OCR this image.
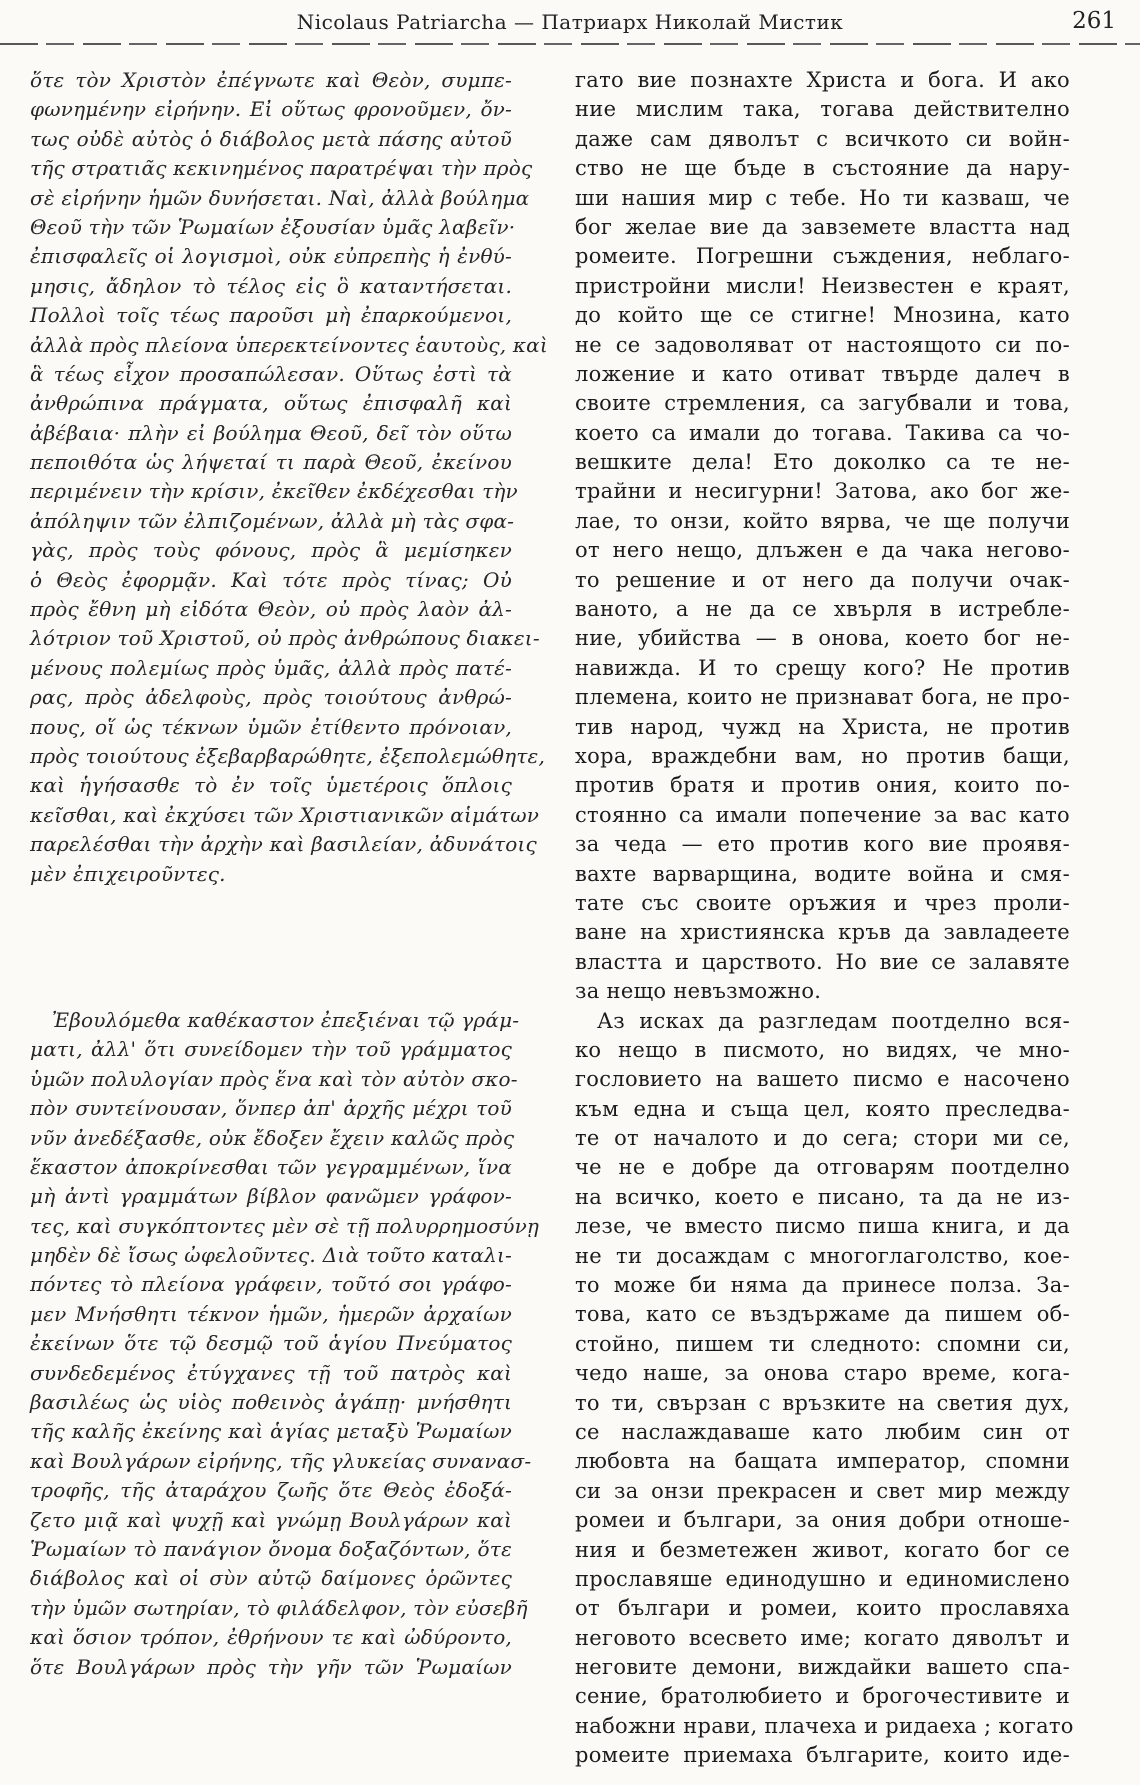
Nicolaus Patriarcha — Патриарх Николай Мистик	261
ὅτε τὸν Χριστὸν ἐπέγνωτε καὶ Θεὸν, συμπε-
φωνημένην εἰρήνην. Εἰ οὕτως φρονοῦμεν, ὄν-
τως οὐδὲ αὐτὸς ὁ διάβολος μετὰ πάσης αὐτοῦ
τῆς στρατιᾶς κεκινημένος παρατρέψαι τὴν πρὸς
σὲ εἰρήνην ἡμῶν δυνήσεται. Ναὶ, ἀλλὰ βούλημα
Θεοῦ τὴν τῶν Ῥωμαίων ἐξουσίαν ὑμᾶς λαβεῖν·
ἐπισφαλεῖς οἱ λογισμοὶ, οὐκ εὐπρεπὴς ἡ ἐνθύ-
μησις, ἄδηλον τὸ τέλος εἰς ὃ καταντήσεται.
Πολλοὶ τοῖς τέως παροῦσι μὴ ἐπαρκούμενοι,
ἀλλὰ πρὸς πλείονα ὑπερεκτείνοντες ἑαυτοὺς, καὶ
ἃ τέως εἶχον προσαπώλεσαν. Οὕτως ἐστὶ τὰ
ἀνθρώπινα πράγματα, οὕτως ἐπισφαλῆ καὶ
ἀβέβαια· πλὴν εἰ βούλημα Θεοῦ, δεῖ τὸν οὕτω
πεποιθότα ὡς λήψεταί τι παρὰ Θεοῦ, ἐκείνου
περιμένειν τὴν κρίσιν, ἐκεῖθεν ἐκδέχεσθαι τὴν
ἀπόληψιν τῶν ἐλπιζομένων, ἀλλὰ μὴ τὰς σφα-
γὰς, πρὸς τοὺς φόνους, πρὸς ἃ μεμίσηκεν
ὁ Θεὸς ἐφορμᾷν. Καὶ τότε πρὸς τίνας; Οὐ
πρὸς ἔθνη μὴ εἰδότα Θεὸν, οὐ πρὸς λαὸν ἀλ-
λότριον τοῦ Χριστοῦ, οὐ πρὸς ἀνθρώπους διακει-
μένους πολεμίως πρὸς ὑμᾶς, ἀλλὰ πρὸς πατέ-
ρας, πρὸς ἀδελφοὺς, πρὸς τοιούτους ἀνθρώ-
πους, οἵ ὡς τέκνων ὑμῶν ἐτίθεντο πρόνοιαν,
πρὸς τοιούτους ἐξεβαρβαρώθητε, ἐξεπολεμώθητε,
καὶ ἡγήσασθε τὸ ἐν τοῖς ὑμετέροις ὅπλοις
κεῖσθαι, καὶ ἐκχύσει τῶν Χριστιανικῶν αἱμάτων
παρελέσθαι τὴν ἀρχὴν καὶ βασιλείαν, ἀδυνάτοις
μὲν ἐπιχειροῦντες.
Ἐβουλόμεθα καθέκαστον ἐπεξιέναι τῷ γράμ-
ματι, ἀλλ' ὅτι συνείδομεν τὴν τοῦ γράμματος
ὑμῶν πολυλογίαν πρὸς ἕνα καὶ τὸν αὐτὸν σκο-
πὸν συντείνουσαν, ὅνπερ ἀπ' ἀρχῆς μέχρι τοῦ
νῦν ἀνεδέξασθε, οὐκ ἔδοξεν ἔχειν καλῶς πρὸς
ἕκαστον ἀποκρίνεσθαι τῶν γεγραμμένων, ἵνα
μὴ ἀντὶ γραμμάτων βίβλον φανῶμεν γράφον-
τες, καὶ συγκόπτοντες μὲν σὲ τῇ πολυρρημοσύνῃ
μηδὲν δὲ ἴσως ὠφελοῦντες. Διὰ τοῦτο καταλι-
πόντες τὸ πλείονα γράφειν, τοῦτό σοι γράφο-
μεν Μνήσθητι τέκνον ἡμῶν, ἡμερῶν ἀρχαίων
ἐκείνων ὅτε τῷ δεσμῷ τοῦ ἁγίου Πνεύματος
συνδεδεμένος ἐτύγχανες τῇ τοῦ πατρὸς καὶ
βασιλέως ὡς υἱὸς ποθεινὸς ἀγάπῃ· μνήσθητι
τῆς καλῆς ἐκείνης καὶ ἁγίας μεταξὺ Ῥωμαίων
καὶ Βουλγάρων εἰρήνης, τῆς γλυκείας συνανασ-
τροφῆς, τῆς ἀταράχου ζωῆς ὅτε Θεὸς ἐδοξά-
ζετο μιᾷ καὶ ψυχῇ καὶ γνώμῃ Βουλγάρων καὶ
Ῥωμαίων τὸ πανάγιον ὄνομα δοξαζόντων, ὅτε
διάβολος καὶ οἱ σὺν αὐτῷ δαίμονες ὁρῶντες
τὴν ὑμῶν σωτηρίαν, τὸ φιλάδελφον, τὸν εὐσεβῆ
καὶ ὅσιον τρόπον, ἐθρήνουν τε καὶ ὠδύροντο,
ὅτε Βουλγάρων πρὸς τὴν γῆν τῶν Ῥωμαίων
гато вие познахте Христа и бога. И ако
ние мислим така, тогава действително
даже сам дяволът с всичкото си войн-
ство не ще бъде в състояние да нару-
ши нашия мир с тебе. Но ти казваш, че
бог желае вие да завземете властта над
ромеите. Погрешни съждения, неблаго-
пристройни мисли! Неизвестен е краят,
до който ще се стигне! Мнозина, като
не се задоволяват от настоящото си по-
ложение и като отиват твърде далеч в
своите стремления, са загубвали и това,
което са имали до тогава. Такива са чо-
вешките дела! Ето доколко са те не-
трайни и несигурни! Затова, ако бог же-
лае, то онзи, който вярва, че ще получи
от него нещо, длъжен е да чака негово-
то решение и от него да получи очак-
ваното, а не да се хвърля в истребле-
ние, убийства — в онова, което бог не-
навижда. И то срещу кого? Не против
племена, които не признават бога, не про-
тив народ, чужд на Христа, не против
хора, враждебни вам, но против бащи,
против братя и против ония, които по-
стоянно са имали попечение за вас като
за чеда — ето против кого вие проявя-
вахте варварщина, водите война и смя-
тате със своите оръжия и чрез проли-
ване на християнска кръв да завладеете
властта и царството. Но вие се залавяте
за нещо невъзможно.
Аз исках да разгледам поотделно вся-
ко нещо в писмото, но видях, че мно-
гословието на вашето писмо е насочено
към една и съща цел, която преследва-
те от началото и до сега; стори ми се,
че не е добре да отговарям поотделно
на всичко, което е писано, та да не из-
лезе, че вместо писмо пиша книга, и да
не ти досаждам с многоглаголство, кое-
то може би няма да принесе полза. За-
това, като се въздържаме да пишем об-
стойно, пишем ти следното: спомни си,
чедо наше, за онова старо време, кога-
то ти, свързан с връзките на светия дух,
се наслаждаваше като любим син от
любовта на бащата император, спомни
си за онзи прекрасен и свет мир между
ромеи и българи, за ония добри отноше-
ния и безметежен живот, когато бог се
прославяше единодушно и единомислено
от българи и ромеи, които прославяха
неговото всесвето име; когато дяволът и
неговите демони, виждайки вашето спа-
сение, братолюбието и брогочестивите и
набожни нрави, плачеха и ридаеха ; когато
ромеите приемаха българите, които иде-
